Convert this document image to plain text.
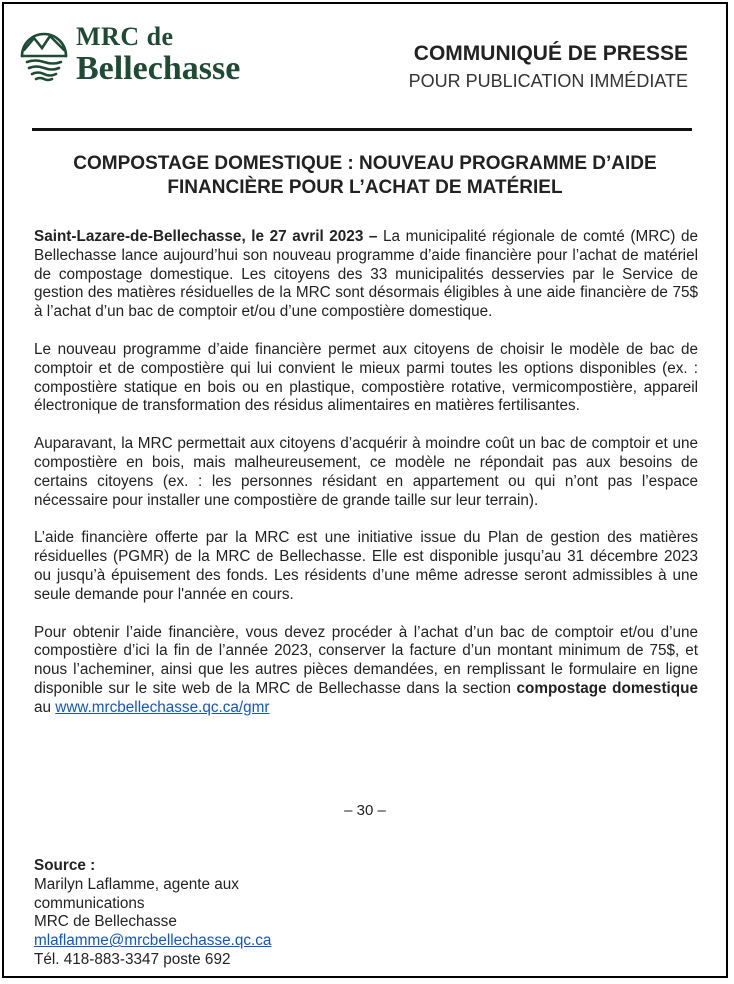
MRC de
Bellechasse	COMMUNIQUÉ DE PRESSE
POUR PUBLICATION IMMÉDIATE
COMPOSTAGE DOMESTIQUE : NOUVEAU PROGRAMME D’AIDE
FINANCIÈRE POUR L’ACHAT DE MATÉRIEL

Saint-Lazare-de-Bellechasse, le 27 avril 2023 – La municipalité régionale de comté (MRC) de Bellechasse lance aujourd’hui son nouveau programme d’aide financière pour l’achat de matériel de compostage domestique. Les citoyens des 33 municipalités desservies par le Service de gestion des matières résiduelles de la MRC sont désormais éligibles à une aide financière de 75$ à l’achat d’un bac de comptoir et/ou d’une compostière domestique.

Le nouveau programme d’aide financière permet aux citoyens de choisir le modèle de bac de comptoir et de compostière qui lui convient le mieux parmi toutes les options disponibles (ex. : compostière statique en bois ou en plastique, compostière rotative, vermicompostière, appareil électronique de transformation des résidus alimentaires en matières fertilisantes.

Auparavant, la MRC permettait aux citoyens d’acquérir à moindre coût un bac de comptoir et une compostière en bois, mais malheureusement, ce modèle ne répondait pas aux besoins de certains citoyens (ex. : les personnes résidant en appartement ou qui n’ont pas l’espace nécessaire pour installer une compostière de grande taille sur leur terrain).

L’aide financière offerte par la MRC est une initiative issue du Plan de gestion des matières résiduelles (PGMR) de la MRC de Bellechasse. Elle est disponible jusqu’au 31 décembre 2023 ou jusqu’à épuisement des fonds. Les résidents d’une même adresse seront admissibles à une seule demande pour l'année en cours.

Pour obtenir l’aide financière, vous devez procéder à l’achat d’un bac de comptoir et/ou d’une compostière d’ici la fin de l’année 2023, conserver la facture d’un montant minimum de 75$, et nous l’acheminer, ainsi que les autres pièces demandées, en remplissant le formulaire en ligne disponible sur le site web de la MRC de Bellechasse dans la section compostage domestique au www.mrcbellechasse.qc.ca/gmr

– 30 –
Source :
Marilyn Laflamme, agente aux
communications
MRC de Bellechasse
mlaflamme@mrcbellechasse.qc.ca
Tél. 418-883-3347 poste 692
